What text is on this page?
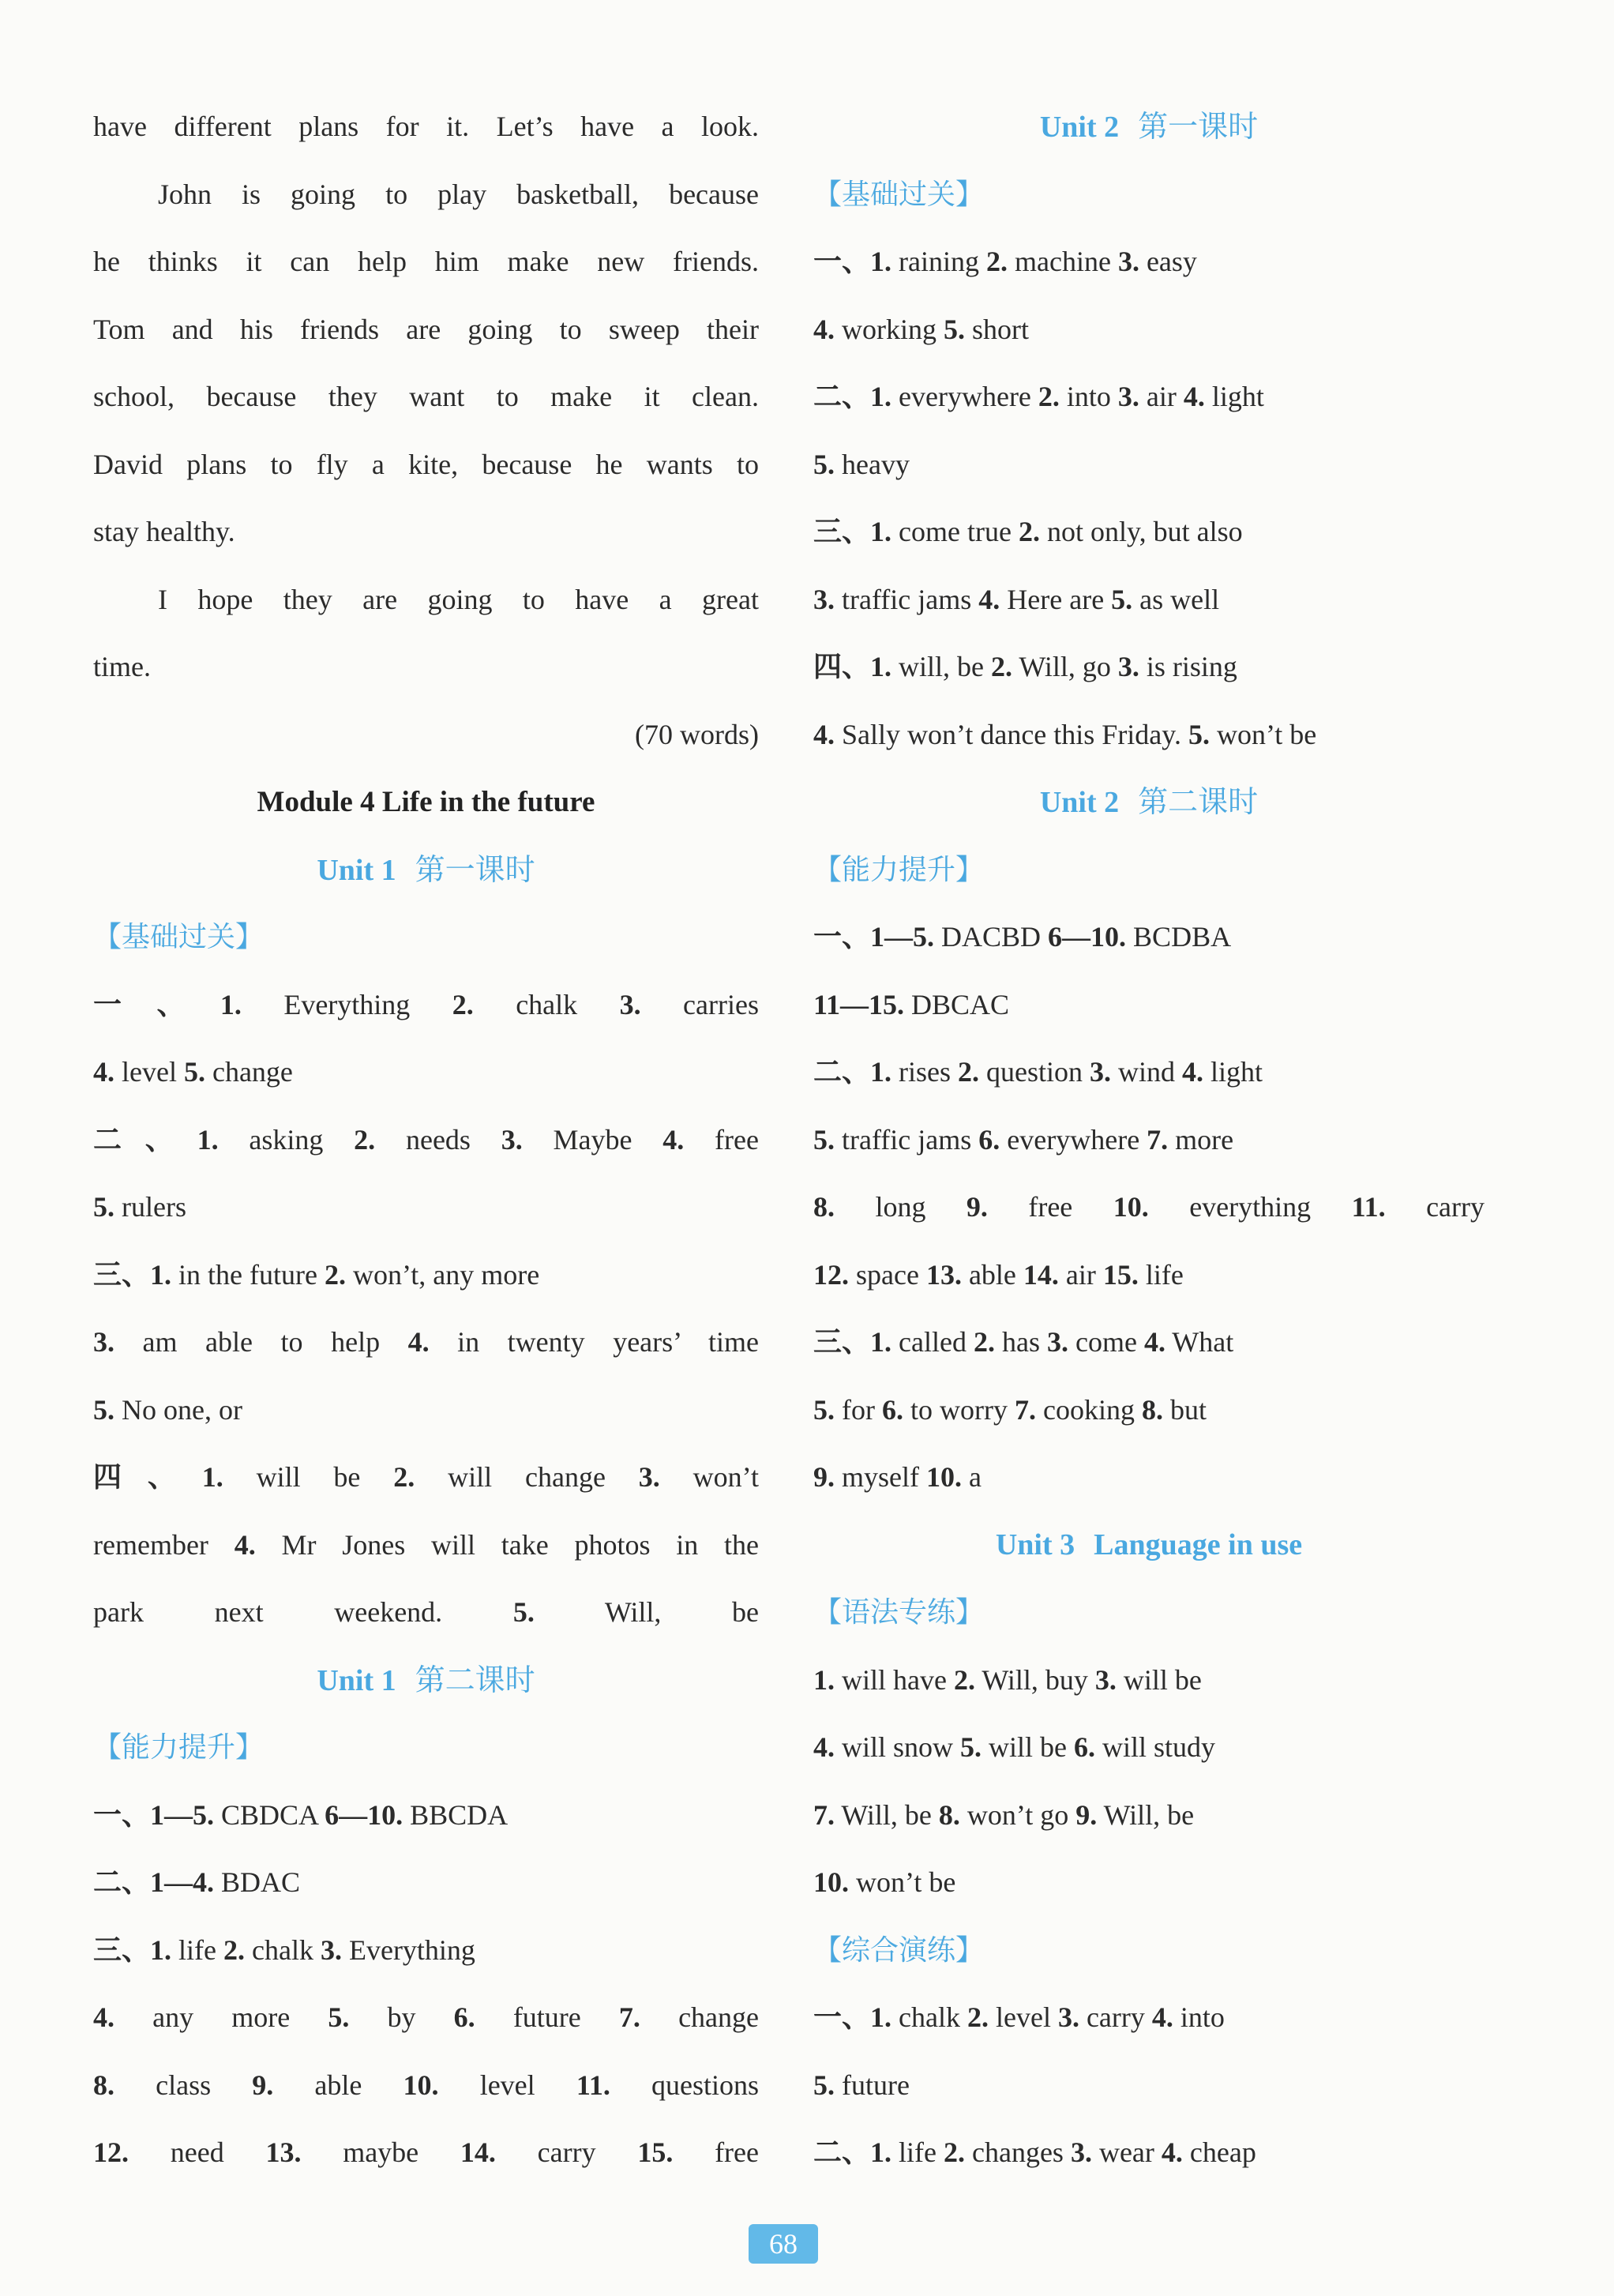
have different plans for it. Let’s have a look.
John is going to play basketball, because
he thinks it can help him make new friends.
Tom and his friends are going to sweep their
school, because they want to make it clean.
David plans to fly a kite, because he wants to
stay healthy.
I hope they are going to have a great
time.
(70 words)
Module 4 Life in the future
Unit 1 第一课时
【基础过关】
一、1. Everything 2. chalk 3. carries
4. level 5. change
二、1. asking 2. needs 3. Maybe 4. free
5. rulers
三、1. in the future 2. won’t, any more
3. am able to help 4. in twenty years’ time
5. No one, or
四、1. will be 2. will change 3. won’t
remember 4. Mr Jones will take photos in the
park next weekend. 5. Will, be
Unit 1 第二课时
【能力提升】
一、1—5. CBDCA 6—10. BBCDA
二、1—4. BDAC
三、1. life 2. chalk 3. Everything
4. any more 5. by 6. future 7. change
8. class 9. able 10. level 11. questions
12. need 13. maybe 14. carry 15. free
Unit 2 第一课时
【基础过关】
一、1. raining 2. machine 3. easy
4. working 5. short
二、1. everywhere 2. into 3. air 4. light
5. heavy
三、1. come true 2. not only, but also
3. traffic jams 4. Here are 5. as well
四、1. will, be 2. Will, go 3. is rising
4. Sally won’t dance this Friday. 5. won’t be
Unit 2 第二课时
【能力提升】
一、1—5. DACBD 6—10. BCDBA
11—15. DBCAC
二、1. rises 2. question 3. wind 4. light
5. traffic jams 6. everywhere 7. more
8. long 9. free 10. everything 11. carry
12. space 13. able 14. air 15. life
三、1. called 2. has 3. come 4. What
5. for 6. to worry 7. cooking 8. but
9. myself 10. a
Unit 3 Language in use
【语法专练】
1. will have 2. Will, buy 3. will be
4. will snow 5. will be 6. will study
7. Will, be 8. won’t go 9. Will, be
10. won’t be
【综合演练】
一、1. chalk 2. level 3. carry 4. into
5. future
二、1. life 2. changes 3. wear 4. cheap
68
